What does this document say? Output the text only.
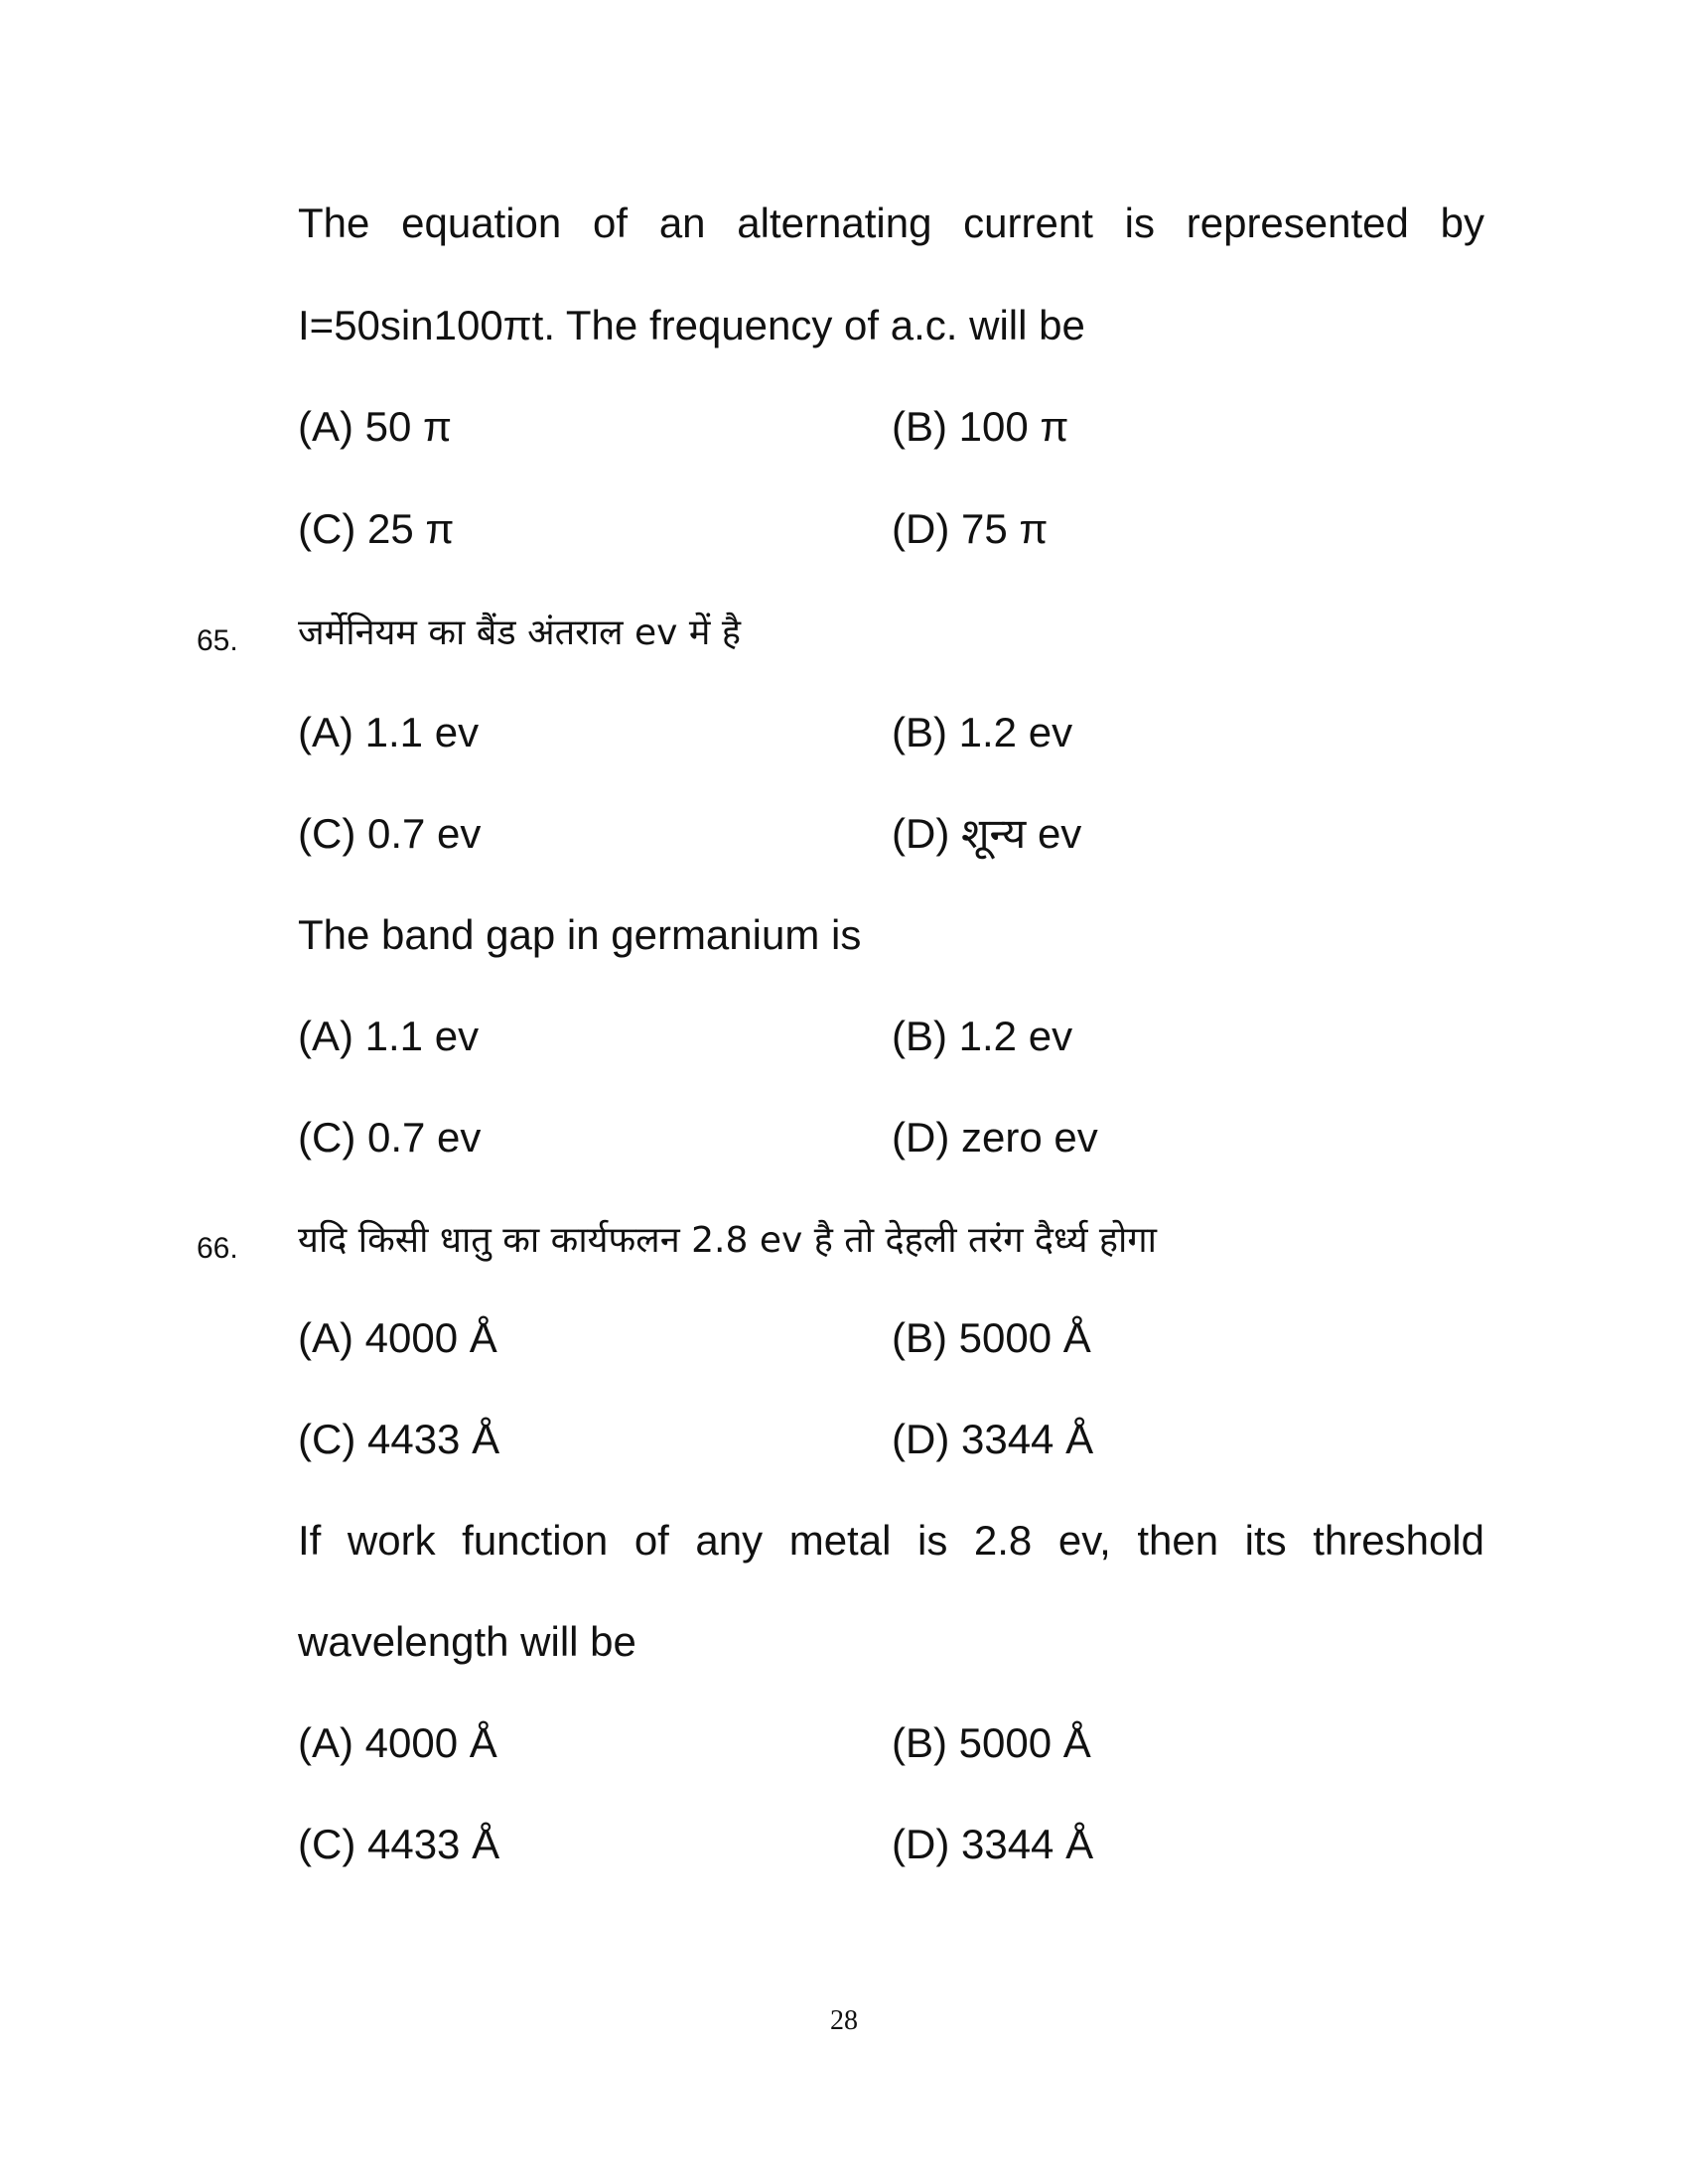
The equation of an alternating current is represented by
I=50sin100πt. The frequency of a.c. will be
(A) 50 π	(B) 100 π
(C) 25 π	(D) 75 π
65. जर्मेनियम का बैंड अंतराल ev में है
(A) 1.1 ev	(B) 1.2 ev
(C) 0.7 ev	(D) शून्य ev
The band gap in germanium is
(A) 1.1 ev	(B) 1.2 ev
(C) 0.7 ev	(D) zero ev
66. यदि किसी धातु का कार्यफलन 2.8 ev है तो देहली तरंग दैर्ध्य होगा
(A) 4000 Å	(B) 5000 Å
(C) 4433 Å	(D) 3344 Å
If work function of any metal is 2.8 ev, then its threshold
wavelength will be
(A) 4000 Å	(B) 5000 Å
(C) 4433 Å	(D) 3344 Å
28
